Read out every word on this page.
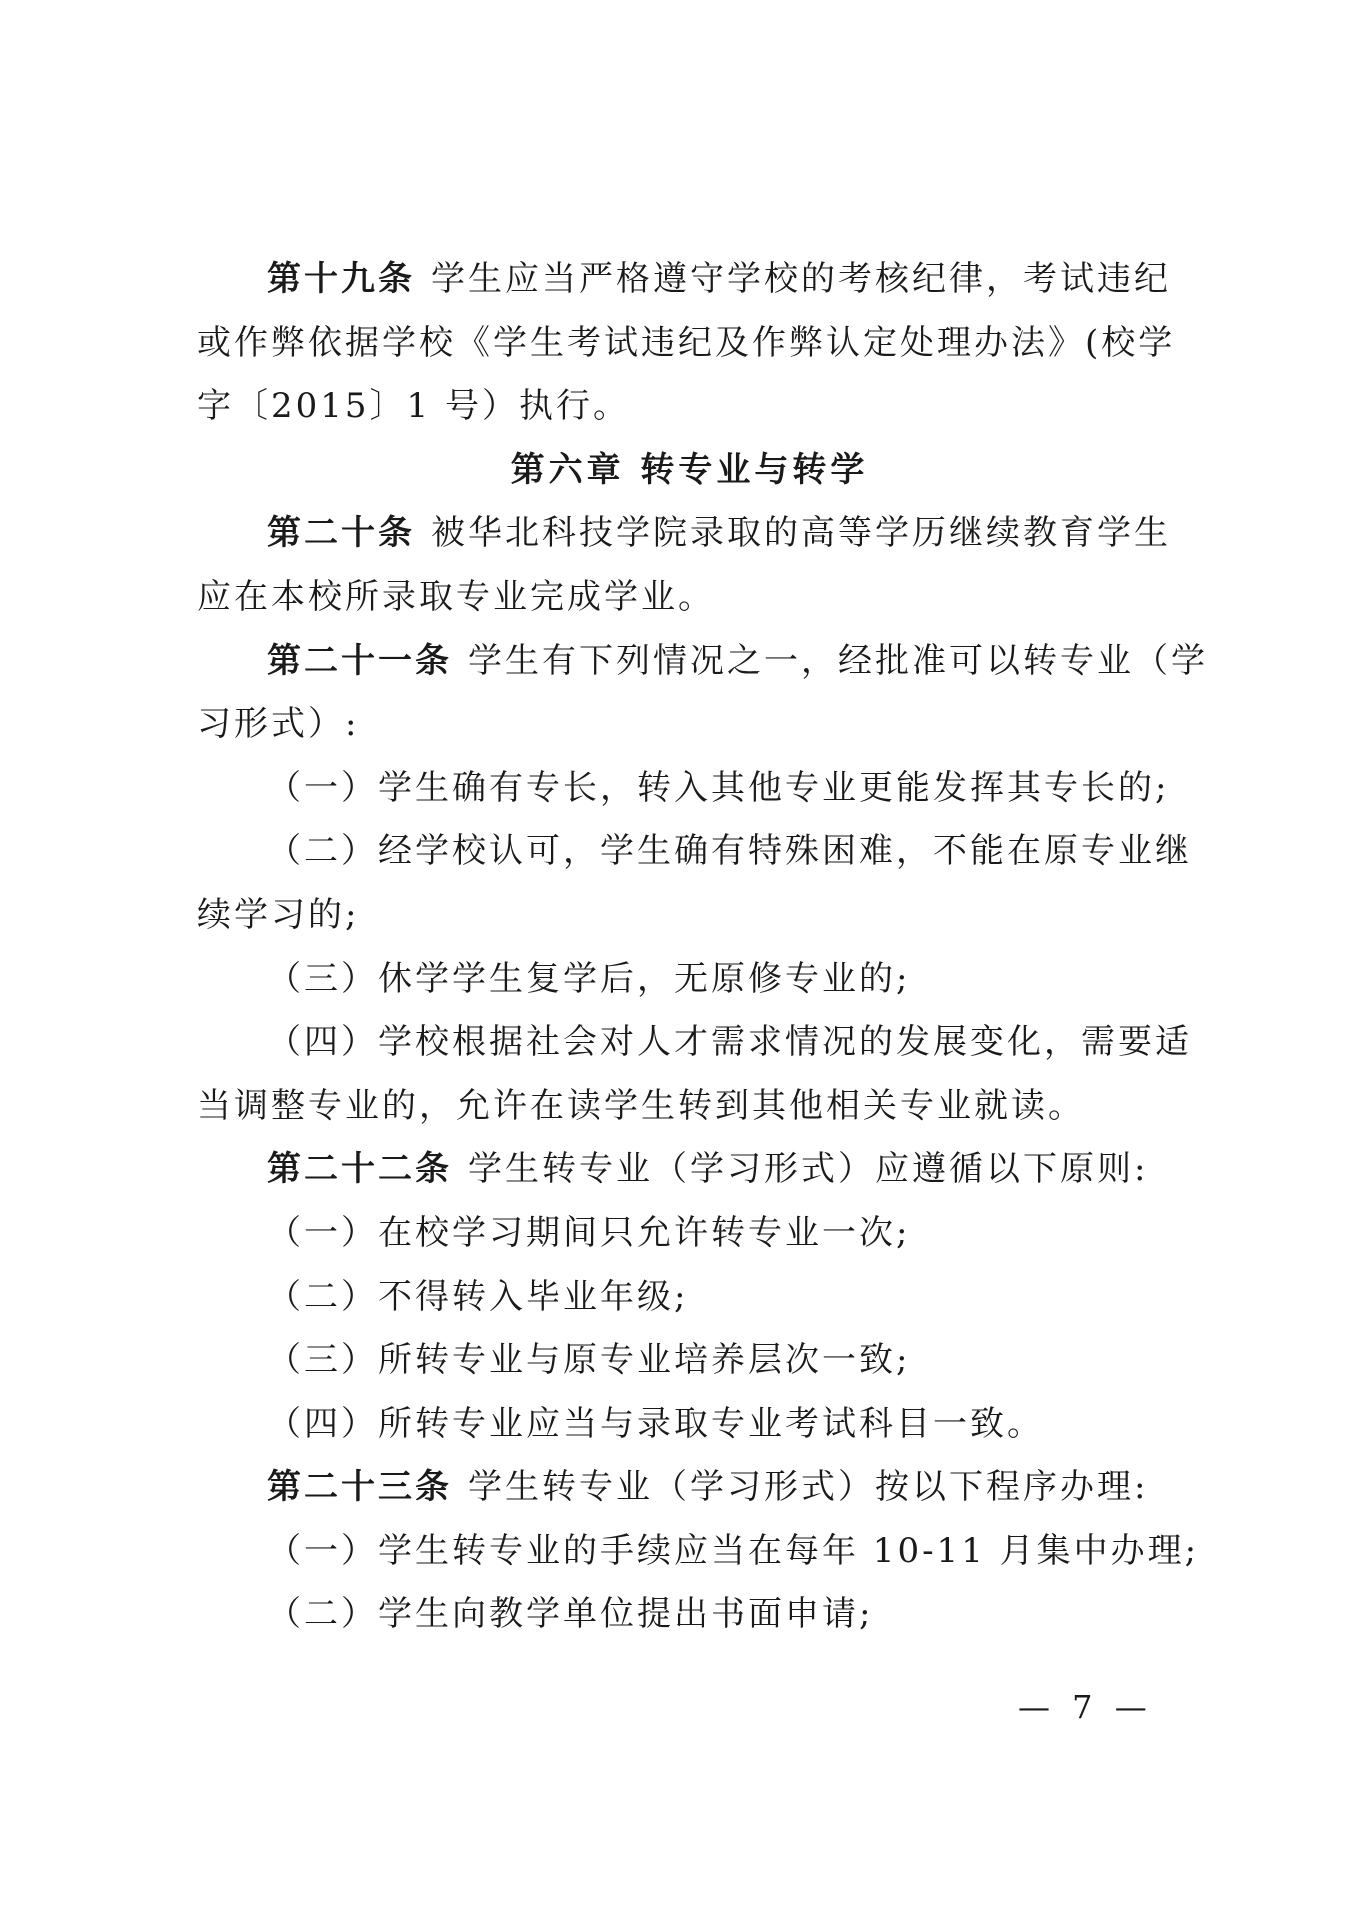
第十九条 学生应当严格遵守学校的考核纪律，考试违纪
或作弊依据学校《学生考试违纪及作弊认定处理办法》(校学
字〔2015〕1 号）执行。
第六章 转专业与转学
第二十条 被华北科技学院录取的高等学历继续教育学生
应在本校所录取专业完成学业。
第二十一条 学生有下列情况之一，经批准可以转专业（学
习形式）:
（一）学生确有专长，转入其他专业更能发挥其专长的;
（二）经学校认可，学生确有特殊困难，不能在原专业继
续学习的;
（三）休学学生复学后，无原修专业的;
（四）学校根据社会对人才需求情况的发展变化，需要适
当调整专业的，允许在读学生转到其他相关专业就读。
第二十二条 学生转专业（学习形式）应遵循以下原则:
（一）在校学习期间只允许转专业一次;
（二）不得转入毕业年级;
（三）所转专业与原专业培养层次一致;
（四）所转专业应当与录取专业考试科目一致。
第二十三条 学生转专业（学习形式）按以下程序办理:
（一）学生转专业的手续应当在每年 10-11 月集中办理;
（二）学生向教学单位提出书面申请;
— 7 —
